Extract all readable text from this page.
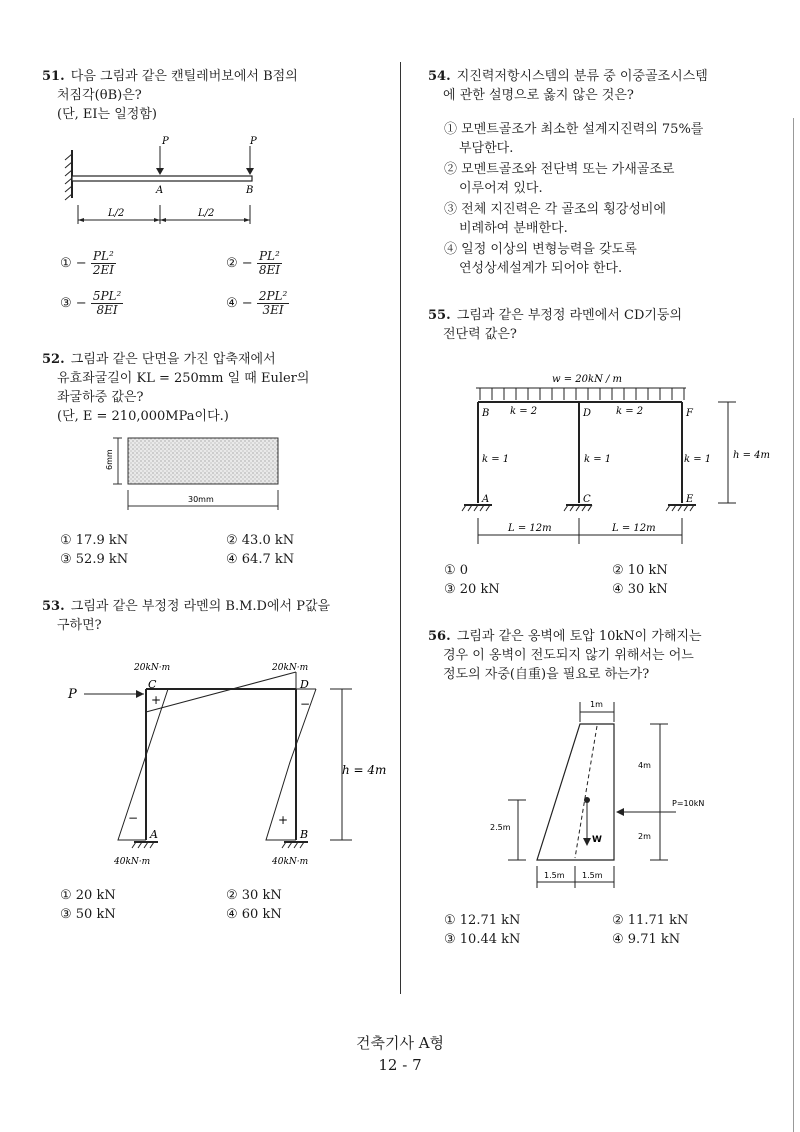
51. 다음 그림과 같은 캔틸레버보에서 B점의
처짐각(θB)은?
(단, EI는 일정함)
P	P
A	B
L/2	L/2
① − $\frac{\text{PL²}}{2EI}$	② − $\frac{\text{PL²}}{8EI}$
③ − $\frac{\text{5PL²}}{8EI}$	④ − $\frac{\text{2PL²}}{3EI}$
52. 그림과 같은 단면을 가진 압축재에서
유효좌굴길이 KL = 250mm 일 때 Euler의
좌굴하중 값은?
(단, E = 210,000MPa이다.)
6mm
30mm
① 17.9 kN	② 43.0 kN
③ 52.9 kN	④ 64.7 kN
53. 그림과 같은 부정정 라멘의 B.M.D에서 P값을
구하면?
20kN·m	20kN·m
P	+	−
−	+
C	D
A	B
40kN·m	40kN·m
h = 4m
① 20 kN	② 30 kN
③ 50 kN	④ 60 kN
54. 지진력저항시스템의 분류 중 이중골조시스템
에 관한 설명으로 옳지 않은 것은?
① 모멘트골조가 최소한 설계지진력의 75%를
부담한다.
② 모멘트골조와 전단벽 또는 가새골조로
이루어져 있다.
③ 전체 지진력은 각 골조의 횡강성비에
비례하여 분배한다.
④ 일정 이상의 변형능력을 갖도록
연성상세설계가 되어야 한다.
55. 그림과 같은 부정정 라멘에서 CD기둥의
전단력 값은?
w = 20kN / m
B	D	F
k = 2	k = 2
k = 1	k = 1	k = 1
A	C	E
h = 4m
L = 12m	L = 12m
① 0	② 10 kN
③ 20 kN	④ 30 kN
56. 그림과 같은 옹벽에 토압 10kN이 가해지는
경우 이 옹벽이 전도되지 않기 위해서는 어느
정도의 자중(自重)을 필요로 하는가?
1m
W
P=10kN
4m
2m
2.5m
1.5m 1.5m
① 12.71 kN	② 11.71 kN
③ 10.44 kN	④ 9.71 kN
건축기사 A형
12 - 7
